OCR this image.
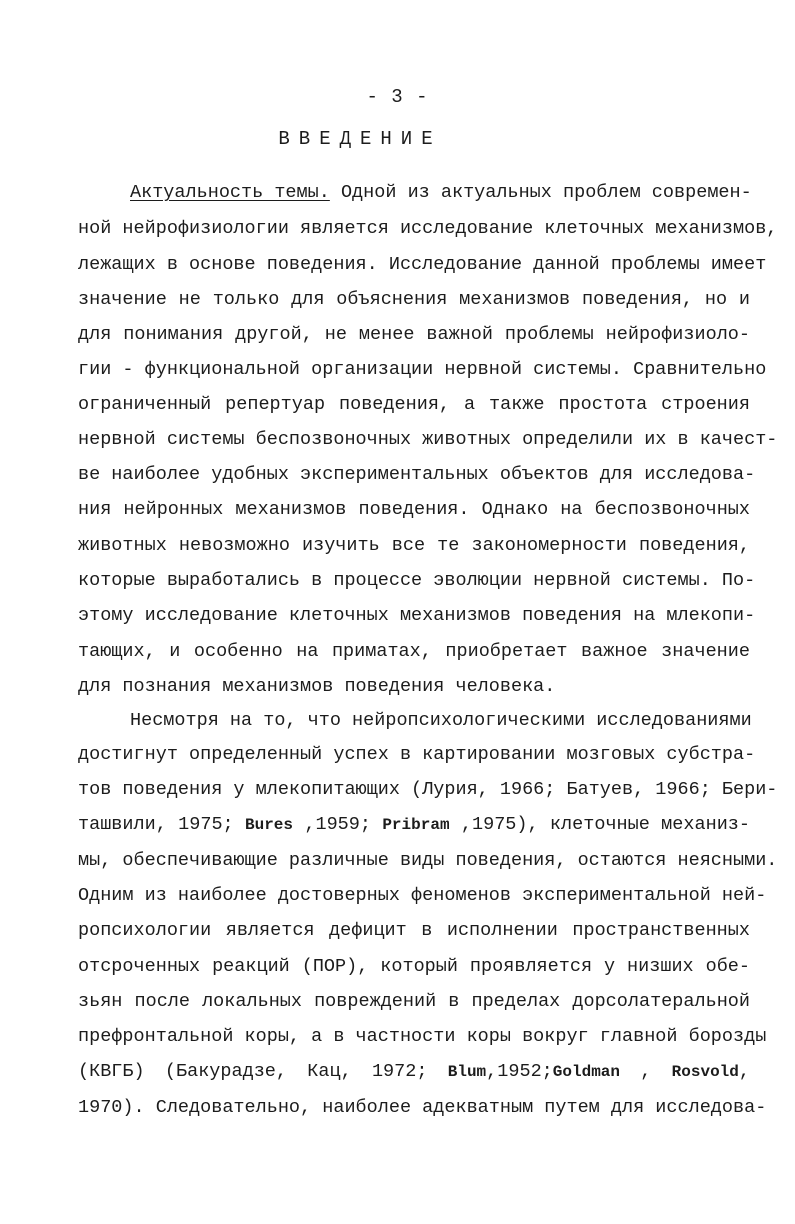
- 3 -
ВВЕДЕНИЕ
Актуальность темы. Одной из актуальных проблем современ-
ной нейрофизиологии является исследование клеточных механизмов,
лежащих в основе поведения. Исследование данной проблемы имеет
значение не только для объяснения механизмов поведения, но и
для понимания другой, не менее важной проблемы нейрофизиоло-
гии - функциональной организации нервной системы. Сравнительно
ограниченный репертуар поведения, а также простота строения
нервной системы беспозвоночных животных определили их в качест-
ве наиболее удобных экспериментальных объектов для исследова-
ния нейронных механизмов поведения. Однако на беспозвоночных
животных невозможно изучить все те закономерности поведения,
которые выработались в процессе эволюции нервной системы. По-
этому исследование клеточных механизмов поведения на млекопи-
тающих, и особенно на приматах, приобретает важное значение
для познания механизмов поведения человека.
Несмотря на то, что нейропсихологическими исследованиями
достигнут определенный успех в картировании мозговых субстра-
тов поведения у млекопитающих (Лурия, 1966; Батуев, 1966; Бери-
ташвили, 1975; Bures ,1959; Pribram ,1975), клеточные механиз-
мы, обеспечивающие различные виды поведения, остаются неясными.
Одним из наиболее достоверных феноменов экспериментальной ней-
ропсихологии является дефицит в исполнении пространственных
отсроченных реакций (ПОР), который проявляется у низших обе-
зьян после локальных повреждений в пределах дорсолатеральной
префронтальной коры, а в частности коры вокруг главной борозды
(КВГБ) (Бакурадзе, Кац, 1972; Blum,1952;Goldman , Rosvold,
1970). Следовательно, наиболее адекватным путем для исследова-
